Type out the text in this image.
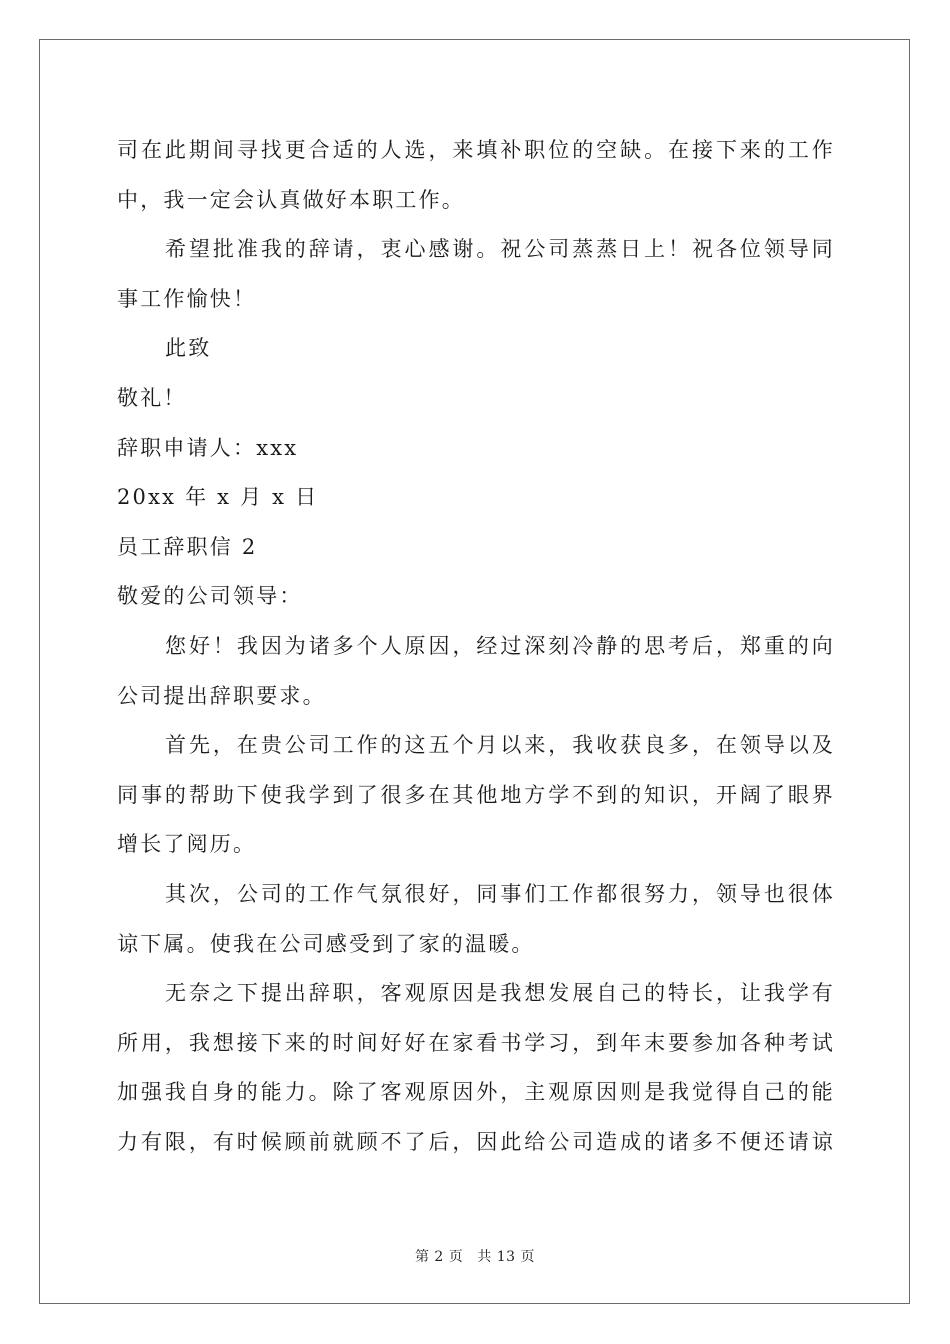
司在此期间寻找更合适的人选，来填补职位的空缺。在接下来的工作
中，我一定会认真做好本职工作。
希望批准我的辞请，衷心感谢。祝公司蒸蒸日上！祝各位领导同
事工作愉快！
此致
敬礼！
辞职申请人：xxx
20xx 年 x 月 x 日
员工辞职信 2
敬爱的公司领导：
您好！我因为诸多个人原因，经过深刻冷静的思考后，郑重的向
公司提出辞职要求。
首先，在贵公司工作的这五个月以来，我收获良多，在领导以及
同事的帮助下使我学到了很多在其他地方学不到的知识，开阔了眼界
增长了阅历。
其次，公司的工作气氛很好，同事们工作都很努力，领导也很体
谅下属。使我在公司感受到了家的温暖。
无奈之下提出辞职，客观原因是我想发展自己的特长，让我学有
所用，我想接下来的时间好好在家看书学习，到年末要参加各种考试
加强我自身的能力。除了客观原因外，主观原因则是我觉得自己的能
力有限，有时候顾前就顾不了后，因此给公司造成的诸多不便还请谅
第 2 页 共 13 页
